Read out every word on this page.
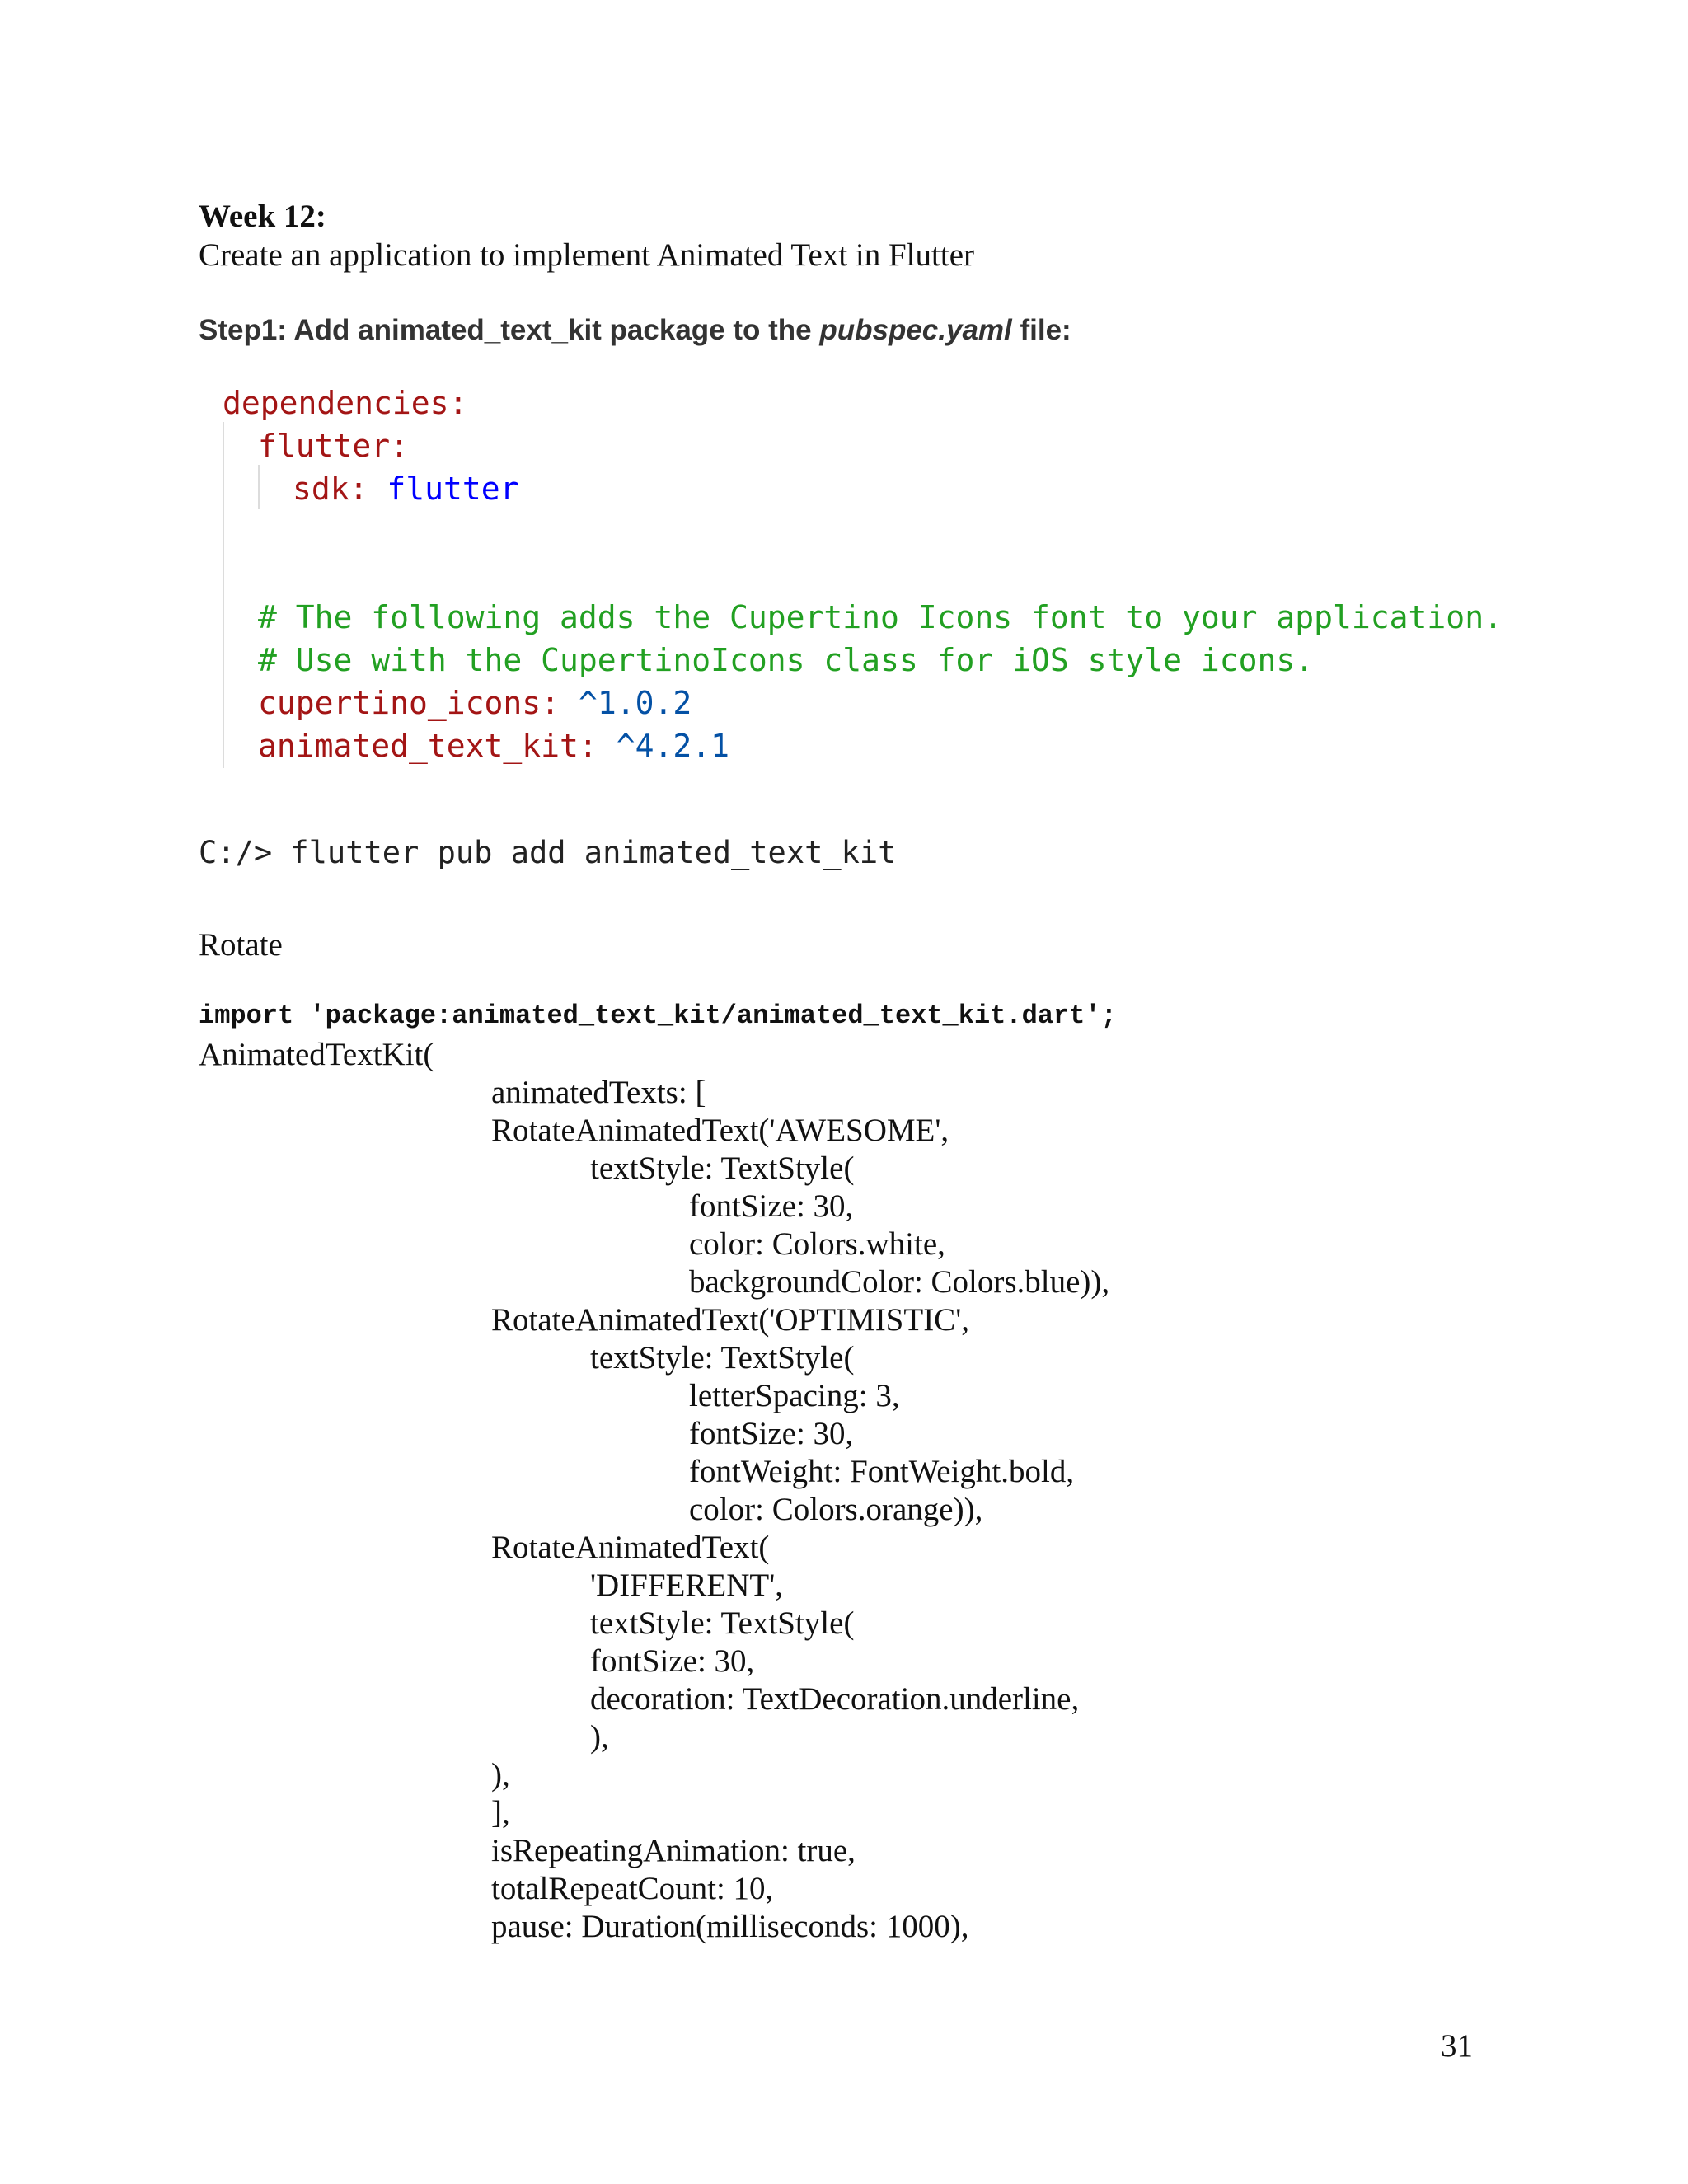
Week 12:
Create an application to implement Animated Text in Flutter
Step1: Add animated_text_kit package to the pubspec.yaml file:
dependencies:
flutter:
sdk: flutter
# The following adds the Cupertino Icons font to your application.
# Use with the CupertinoIcons class for iOS style icons.
cupertino_icons: ^1.0.2
animated_text_kit: ^4.2.1
C:/> flutter pub add animated_text_kit
Rotate
import 'package:animated_text_kit/animated_text_kit.dart';
AnimatedTextKit(
animatedTexts: [
RotateAnimatedText('AWESOME',
textStyle: TextStyle(
fontSize: 30,
color: Colors.white,
backgroundColor: Colors.blue)),
RotateAnimatedText('OPTIMISTIC',
textStyle: TextStyle(
letterSpacing: 3,
fontSize: 30,
fontWeight: FontWeight.bold,
color: Colors.orange)),
RotateAnimatedText(
'DIFFERENT',
textStyle: TextStyle(
fontSize: 30,
decoration: TextDecoration.underline,
),
),
],
isRepeatingAnimation: true,
totalRepeatCount: 10,
pause: Duration(milliseconds: 1000),
31
